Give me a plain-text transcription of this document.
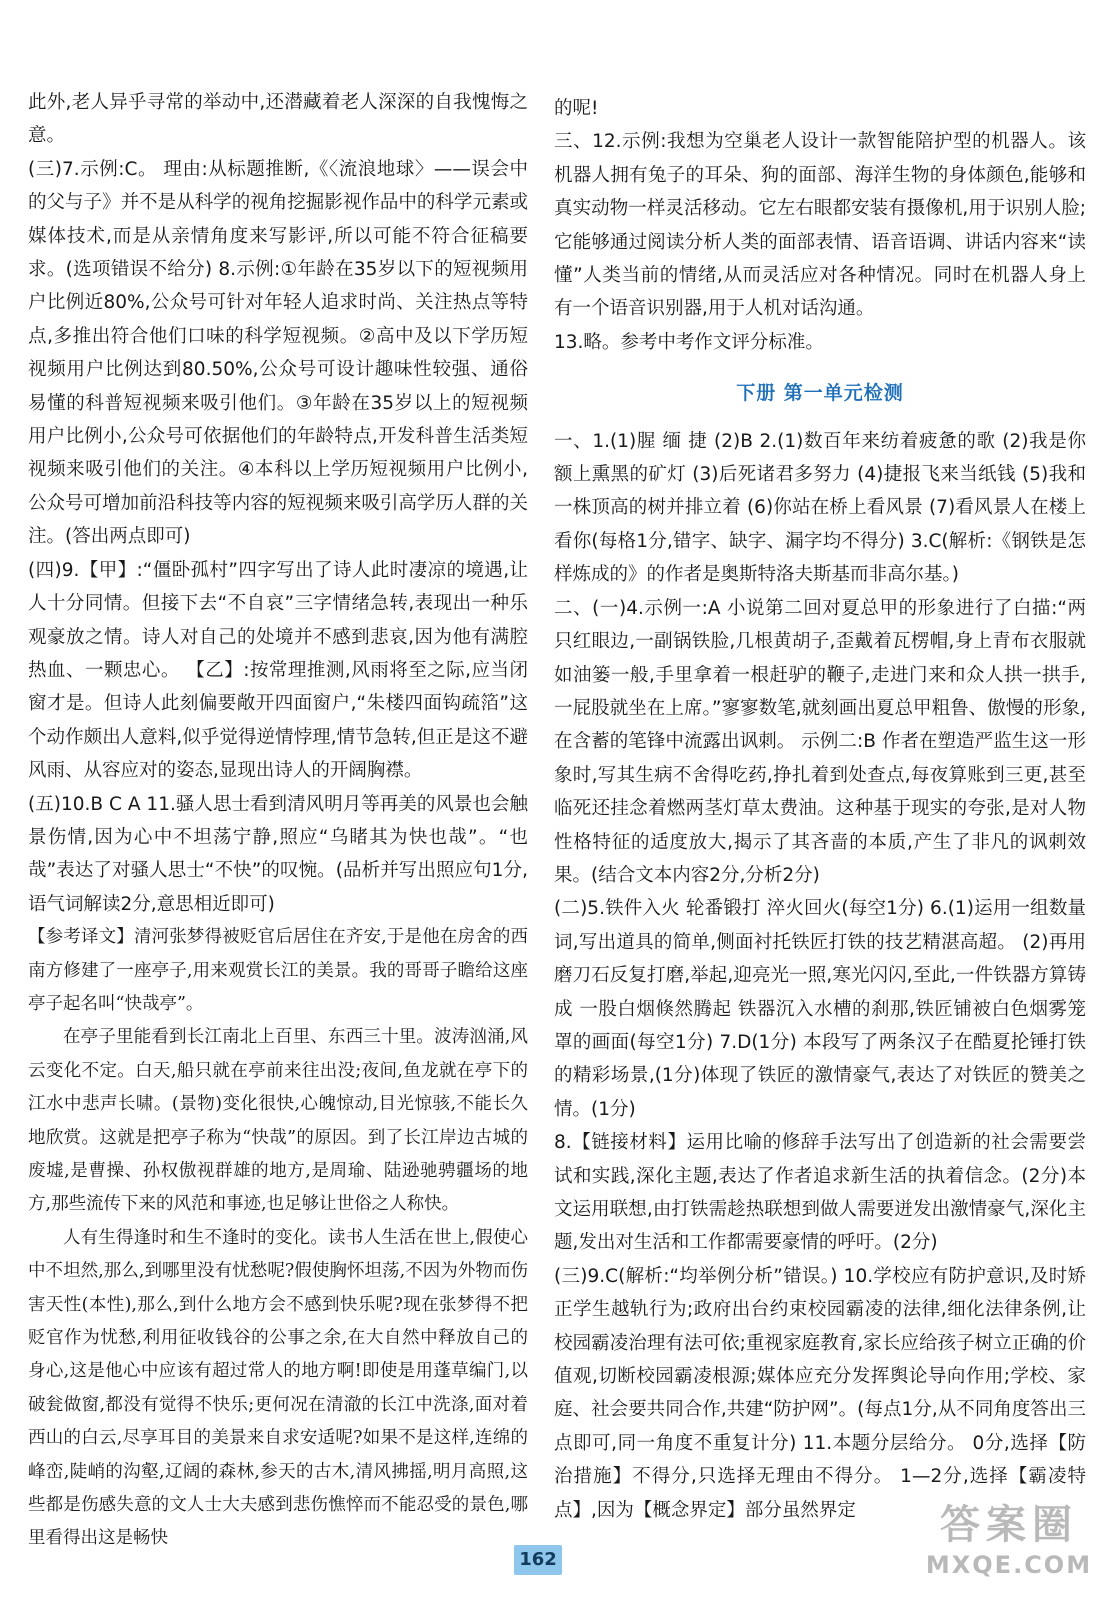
此外,老人异乎寻常的举动中,还潜藏着老人深深的自我愧悔之意。

(三)7.示例:C。 理由:从标题推断,《〈流浪地球〉——误会中的父与子》并不是从科学的视角挖掘影视作品中的科学元素或媒体技术,而是从亲情角度来写影评,所以可能不符合征稿要求。(选项错误不给分) 8.示例:①年龄在35岁以下的短视频用户比例近80%,公众号可针对年轻人追求时尚、关注热点等特点,多推出符合他们口味的科学短视频。②高中及以下学历短视频用户比例达到80.50%,公众号可设计趣味性较强、通俗易懂的科普短视频来吸引他们。③年龄在35岁以上的短视频用户比例小,公众号可依据他们的年龄特点,开发科普生活类短视频来吸引他们的关注。④本科以上学历短视频用户比例小,公众号可增加前沿科技等内容的短视频来吸引高学历人群的关注。(答出两点即可)

(四)9.【甲】:“僵卧孤村”四字写出了诗人此时凄凉的境遇,让人十分同情。但接下去“不自哀”三字情绪急转,表现出一种乐观豪放之情。诗人对自己的处境并不感到悲哀,因为他有满腔热血、一颗忠心。 【乙】:按常理推测,风雨将至之际,应当闭窗才是。但诗人此刻偏要敞开四面窗户,“朱楼四面钩疏箔”这个动作颇出人意料,似乎觉得逆情悖理,情节急转,但正是这不避风雨、从容应对的姿态,显现出诗人的开阔胸襟。

(五)10.B C A 11.骚人思士看到清风明月等再美的风景也会触景伤情,因为心中不坦荡宁静,照应“乌睹其为快也哉”。“也哉”表达了对骚人思士“不快”的叹惋。(品析并写出照应句1分,语气词解读2分,意思相近即可)

【参考译文】清河张梦得被贬官后居住在齐安,于是他在房舍的西南方修建了一座亭子,用来观赏长江的美景。我的哥哥子瞻给这座亭子起名叫“快哉亭”。

在亭子里能看到长江南北上百里、东西三十里。波涛汹涌,风云变化不定。白天,船只就在亭前来往出没;夜间,鱼龙就在亭下的江水中悲声长啸。(景物)变化很快,心魄惊动,目光惊骇,不能长久地欣赏。这就是把亭子称为“快哉”的原因。到了长江岸边古城的废墟,是曹操、孙权傲视群雄的地方,是周瑜、陆逊驰骋疆场的地方,那些流传下来的风范和事迹,也足够让世俗之人称快。

人有生得逢时和生不逢时的变化。读书人生活在世上,假使心中不坦然,那么,到哪里没有忧愁呢?假使胸怀坦荡,不因为外物而伤害天性(本性),那么,到什么地方会不感到快乐呢?现在张梦得不把贬官作为忧愁,利用征收钱谷的公事之余,在大自然中释放自己的身心,这是他心中应该有超过常人的地方啊!即使是用蓬草编门,以破瓮做窗,都没有觉得不快乐;更何况在清澈的长江中洗涤,面对着西山的白云,尽享耳目的美景来自求安适呢?如果不是这样,连绵的峰峦,陡峭的沟壑,辽阔的森林,参天的古木,清风拂摇,明月高照,这些都是伤感失意的文人士大夫感到悲伤憔悴而不能忍受的景色,哪里看得出这是畅快

的呢!

三、12.示例:我想为空巢老人设计一款智能陪护型的机器人。该机器人拥有兔子的耳朵、狗的面部、海洋生物的身体颜色,能够和真实动物一样灵活移动。它左右眼都安装有摄像机,用于识别人脸;它能够通过阅读分析人类的面部表情、语音语调、讲话内容来“读懂”人类当前的情绪,从而灵活应对各种情况。同时在机器人身上有一个语音识别器,用于人机对话沟通。

13.略。参考中考作文评分标准。

下册 第一单元检测

一、1.(1)腥 缅 捷 (2)B 2.(1)数百年来纺着疲惫的歌 (2)我是你额上熏黑的矿灯 (3)后死诸君多努力 (4)捷报飞来当纸钱 (5)我和一株顶高的树并排立着 (6)你站在桥上看风景 (7)看风景人在楼上看你(每格1分,错字、缺字、漏字均不得分) 3.C(解析:《钢铁是怎样炼成的》的作者是奥斯特洛夫斯基而非高尔基。)

二、(一)4.示例一:A 小说第二回对夏总甲的形象进行了白描:“两只红眼边,一副锅铁脸,几根黄胡子,歪戴着瓦楞帽,身上青布衣服就如油篓一般,手里拿着一根赶驴的鞭子,走进门来和众人拱一拱手,一屁股就坐在上席。”寥寥数笔,就刻画出夏总甲粗鲁、傲慢的形象,在含蓄的笔锋中流露出讽刺。 示例二:B 作者在塑造严监生这一形象时,写其生病不舍得吃药,挣扎着到处查点,每夜算账到三更,甚至临死还挂念着燃两茎灯草太费油。这种基于现实的夸张,是对人物性格特征的适度放大,揭示了其吝啬的本质,产生了非凡的讽刺效果。(结合文本内容2分,分析2分)

(二)5.铁件入火 轮番锻打 淬火回火(每空1分) 6.(1)运用一组数量词,写出道具的简单,侧面衬托铁匠打铁的技艺精湛高超。 (2)再用磨刀石反复打磨,举起,迎亮光一照,寒光闪闪,至此,一件铁器方算铸成 一股白烟倏然腾起 铁器沉入水槽的刹那,铁匠铺被白色烟雾笼罩的画面(每空1分) 7.D(1分) 本段写了两条汉子在酷夏抡锤打铁的精彩场景,(1分)体现了铁匠的激情豪气,表达了对铁匠的赞美之情。(1分)

8.【链接材料】运用比喻的修辞手法写出了创造新的社会需要尝试和实践,深化主题,表达了作者追求新生活的执着信念。(2分)本文运用联想,由打铁需趁热联想到做人需要迸发出激情豪气,深化主题,发出对生活和工作都需要豪情的呼吁。(2分)

(三)9.C(解析:“均举例分析”错误。) 10.学校应有防护意识,及时矫正学生越轨行为;政府出台约束校园霸凌的法律,细化法律条例,让校园霸凌治理有法可依;重视家庭教育,家长应给孩子树立正确的价值观,切断校园霸凌根源;媒体应充分发挥舆论导向作用;学校、家庭、社会要共同合作,共建“防护网”。(每点1分,从不同角度答出三点即可,同一角度不重复计分) 11.本题分层给分。 0分,选择【防治措施】不得分,只选择无理由不得分。 1—2分,选择【霸凌特点】,因为【概念界定】部分虽然界定

162
答案圈
MXQE.COM
